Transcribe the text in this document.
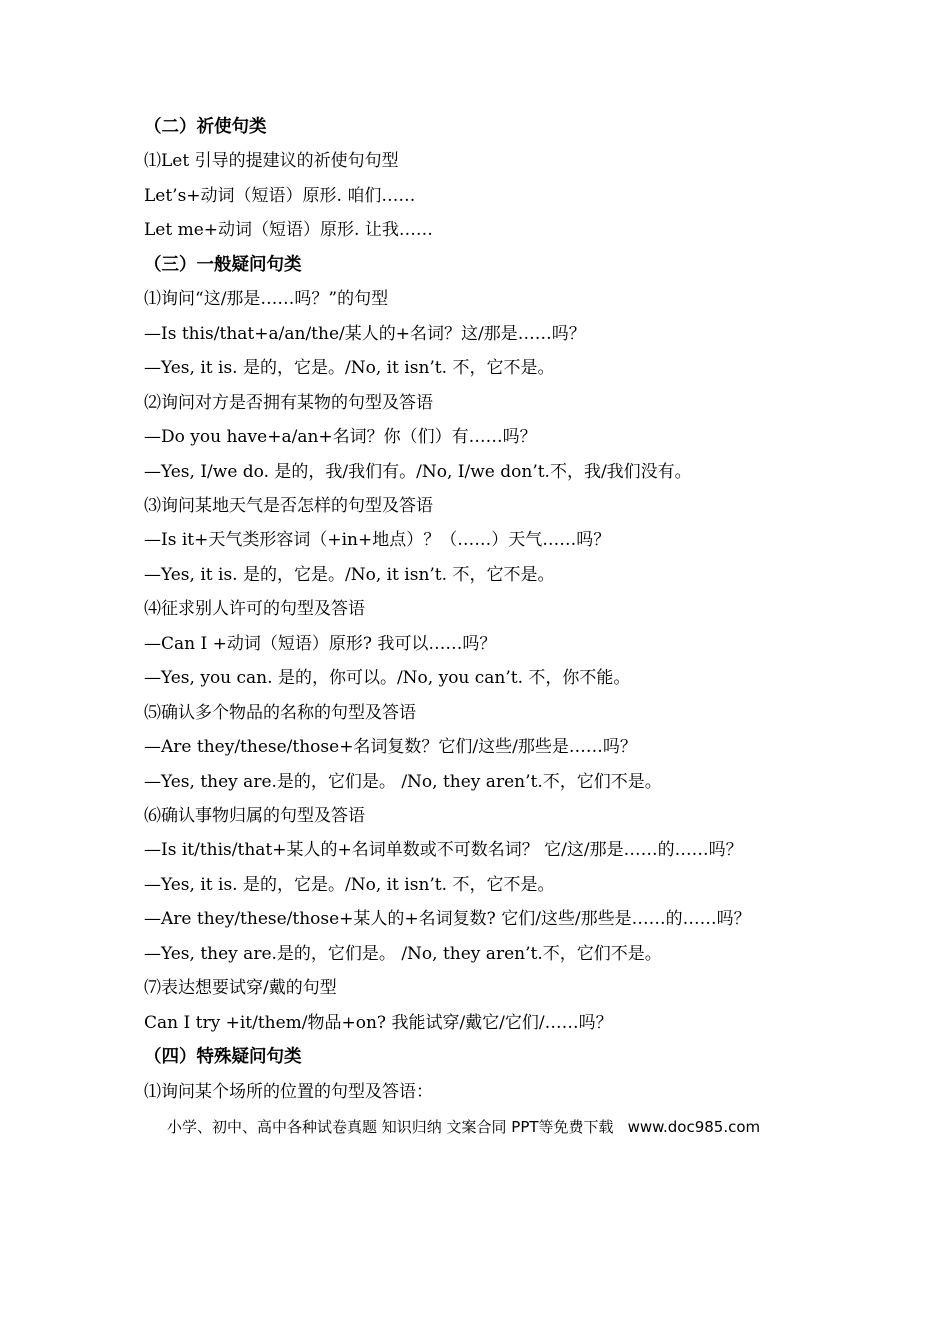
（二）祈使句类
⑴Let 引导的提建议的祈使句句型
Let’s+动词（短语）原形. 咱们……
Let me+动词（短语）原形. 让我……
（三）一般疑问句类
⑴询问“这/那是……吗？”的句型
—Is this/that+a/an/the/某人的+名词？这/那是……吗？
—Yes, it is. 是的，它是。/No, it isn’t. 不，它不是。
⑵询问对方是否拥有某物的句型及答语
—Do you have+a/an+名词？你（们）有……吗？
—Yes, I/we do. 是的，我/我们有。/No, I/we don’t.不，我/我们没有。
⑶询问某地天气是否怎样的句型及答语
—Is it+天气类形容词（+in+地点）？（……）天气……吗？
—Yes, it is. 是的，它是。/No, it isn’t. 不，它不是。
⑷征求别人许可的句型及答语
—Can I +动词（短语）原形? 我可以……吗？
—Yes, you can. 是的，你可以。/No, you can’t. 不，你不能。
⑸确认多个物品的名称的句型及答语
—Are they/these/those+名词复数？它们/这些/那些是……吗？
—Yes, they are.是的，它们是。 /No, they aren’t.不，它们不是。
⑹确认事物归属的句型及答语
—Is it/this/that+某人的+名词单数或不可数名词？ 它/这/那是……的……吗？
—Yes, it is. 是的，它是。/No, it isn’t. 不，它不是。
—Are they/these/those+某人的+名词复数? 它们/这些/那些是……的……吗？
—Yes, they are.是的，它们是。 /No, they aren’t.不，它们不是。
⑺表达想要试穿/戴的句型
Can I try +it/them/物品+on? 我能试穿/戴它/它们/……吗？
（四）特殊疑问句类
⑴询问某个场所的位置的句型及答语：
小学、初中、高中各种试卷真题 知识归纳 文案合同 PPT等免费下载 www.doc985.com
